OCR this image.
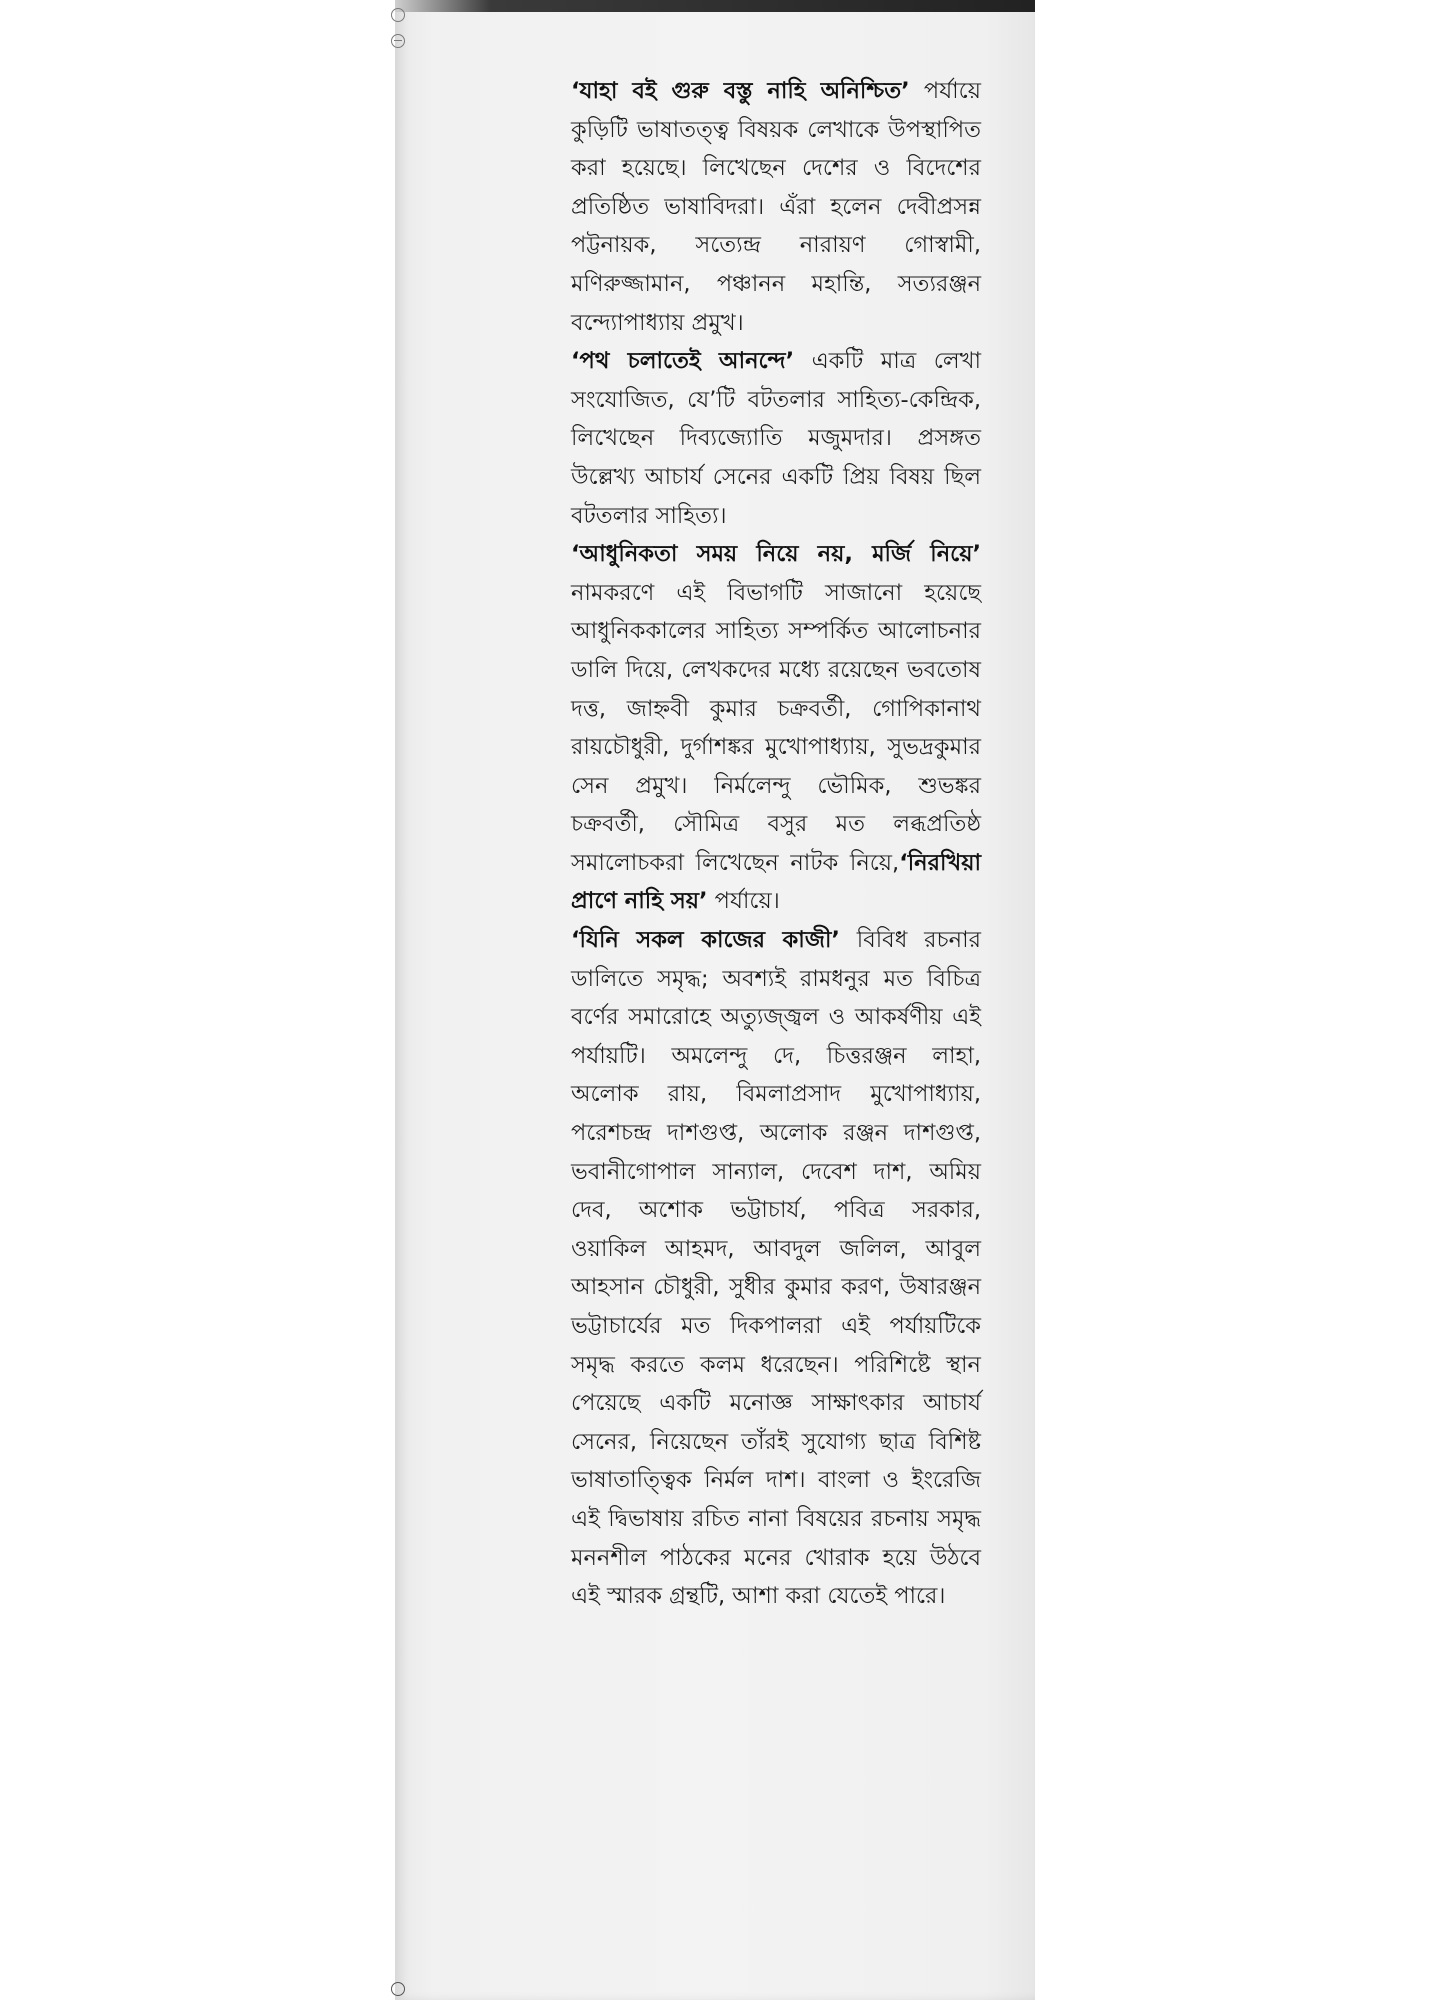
‘যাহা বই গুরু বস্তু নাহি অনিশ্চিত’ পর্যায়ে কুড়িটি ভাষাতত্ত্ব বিষয়ক লেখাকে উপস্থাপিত করা হয়েছে। লিখেছেন দেশের ও বিদেশের প্রতিষ্ঠিত ভাষাবিদরা। এঁরা হলেন দেবীপ্রসন্ন পট্টনায়ক, সত্যেন্দ্র নারায়ণ গোস্বামী, মণিরুজ্জামান, পঞ্চানন মহান্তি, সত্যরঞ্জন বন্দ্যোপাধ্যায় প্রমুখ।

‘পথ চলাতেই আনন্দে’ একটি মাত্র লেখা সংযোজিত, যে’টি বটতলার সাহিত্য-কেন্দ্রিক, লিখেছেন দিব্যজ্যোতি মজুমদার। প্রসঙ্গত উল্লেখ্য আচার্য সেনের একটি প্রিয় বিষয় ছিল বটতলার সাহিত্য।

‘আধুনিকতা সময় নিয়ে নয়, মর্জি নিয়ে’ নামকরণে এই বিভাগটি সাজানো হয়েছে আধুনিককালের সাহিত্য সম্পর্কিত আলোচনার ডালি দিয়ে, লেখকদের মধ্যে রয়েছেন ভবতোষ দত্ত, জাহ্নবী কুমার চক্রবর্তী, গোপিকানাথ রায়চৌধুরী, দুর্গাশঙ্কর মুখোপাধ্যায়, সুভদ্রকুমার সেন প্রমুখ। নির্মলেন্দু ভৌমিক, শুভঙ্কর চক্রবর্তী, সৌমিত্র বসুর মত লব্ধপ্রতিষ্ঠ সমালোচকরা লিখেছেন নাটক নিয়ে,‘নিরখিয়া প্রাণে নাহি সয়’ পর্যায়ে।

‘যিনি সকল কাজের কাজী’ বিবিধ রচনার ডালিতে সমৃদ্ধ; অবশ্যই রামধনুর মত বিচিত্র বর্ণের সমারোহে অত্যুজ্জ্বল ও আকর্ষণীয় এই পর্যায়টি। অমলেন্দু দে, চিত্তরঞ্জন লাহা, অলোক রায়, বিমলাপ্রসাদ মুখোপাধ্যায়, পরেশচন্দ্র দাশগুপ্ত, অলোক রঞ্জন দাশগুপ্ত, ভবানীগোপাল সান্যাল, দেবেশ দাশ, অমিয় দেব, অশোক ভট্টাচার্য, পবিত্র সরকার, ওয়াকিল আহমদ, আবদুল জলিল, আবুল আহসান চৌধুরী, সুধীর কুমার করণ, উষারঞ্জন ভট্টাচার্যের মত দিকপালরা এই পর্যায়টিকে সমৃদ্ধ করতে কলম ধরেছেন। পরিশিষ্টে স্থান পেয়েছে একটি মনোজ্ঞ সাক্ষাৎকার আচার্য সেনের, নিয়েছেন তাঁরই সুযোগ্য ছাত্র বিশিষ্ট ভাষাতাত্ত্বিক নির্মল দাশ। বাংলা ও ইংরেজি এই দ্বিভাষায় রচিত নানা বিষয়ের রচনায় সমৃদ্ধ মননশীল পাঠকের মনের খোরাক হয়ে উঠবে এই স্মারক গ্রন্থটি, আশা করা যেতেই পারে।
